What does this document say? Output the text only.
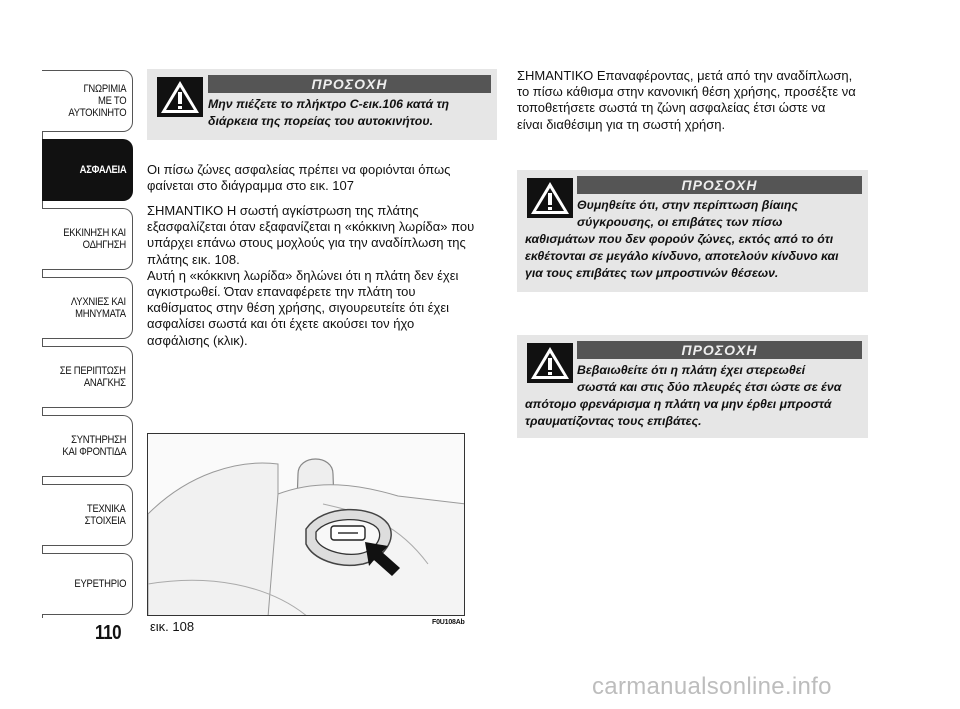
ΓΝΩΡΙΜΙΑ
ΜΕ ΤΟ
ΑΥΤΟΚΙΝΗΤΟ
ΑΣΦΑΛΕΙΑ
ΕΚΚΙΝΗΣΗ ΚΑΙ
ΟΔΗΓΗΣΗ
ΛΥΧΝΙΕΣ ΚΑΙ
ΜΗΝΥΜΑΤΑ
ΣΕ ΠΕΡΙΠΤΩΣΗ
ΑΝΑΓΚΗΣ
ΣΥΝΤΗΡΗΣΗ
ΚΑΙ ΦΡΟΝΤΙΔΑ
ΤΕΧΝΙΚΑ
ΣΤΟΙΧΕΙΑ
ΕΥΡΕΤΗΡΙΟ
110
ΠΡΟΣΟΧΗ

Μην πιέζετε το πλήκτρο C-εικ.106 κατά τη

διάρκεια της πορείας του αυτοκινήτου.

Οι πίσω ζώνες ασφαλείας πρέπει να φοριόνται όπως
φαίνεται στο διάγραμμα στο εικ. 107
ΣΗΜΑΝΤΙΚΟ Η σωστή αγκίστρωση της πλάτης
εξασφαλίζεται όταν εξαφανίζεται η «κόκκινη λωρίδα» που
υπάρχει επάνω στους μοχλούς για την αναδίπλωση της
πλάτης εικ. 108.
Αυτή η «κόκκινη λωρίδα» δηλώνει ότι η πλάτη δεν έχει
αγκιστρωθεί. Όταν επαναφέρετε την πλάτη του
καθίσματος στην θέση χρήσης, σιγουρευτείτε ότι έχει
ασφαλίσει σωστά και ότι έχετε ακούσει τον ήχο
ασφάλισης (κλικ).
εικ. 108	F0U108Ab
ΣΗΜΑΝΤΙΚΟ Επαναφέροντας, μετά από την αναδίπλωση,
το πίσω κάθισμα στην κανονική θέση χρήσης, προσέξτε να
τοποθετήσετε σωστά τη ζώνη ασφαλείας έτσι ώστε να
είναι διαθέσιμη για τη σωστή χρήση.
ΠΡΟΣΟΧΗ

Θυμηθείτε ότι, στην περίπτωση βίαιης

σύγκρουσης, οι επιβάτες των πίσω

καθισμάτων που δεν φορούν ζώνες, εκτός από το ότι

εκθέτονται σε μεγάλο κίνδυνο, αποτελούν κίνδυνο και

για τους επιβάτες των μπροστινών θέσεων.

ΠΡΟΣΟΧΗ

Βεβαιωθείτε ότι η πλάτη έχει στερεωθεί

σωστά και στις δύο πλευρές έτσι ώστε σε ένα

απότομο φρενάρισμα η πλάτη να μην έρθει μπροστά

τραυματίζοντας τους επιβάτες.

carmanualsonline.info
